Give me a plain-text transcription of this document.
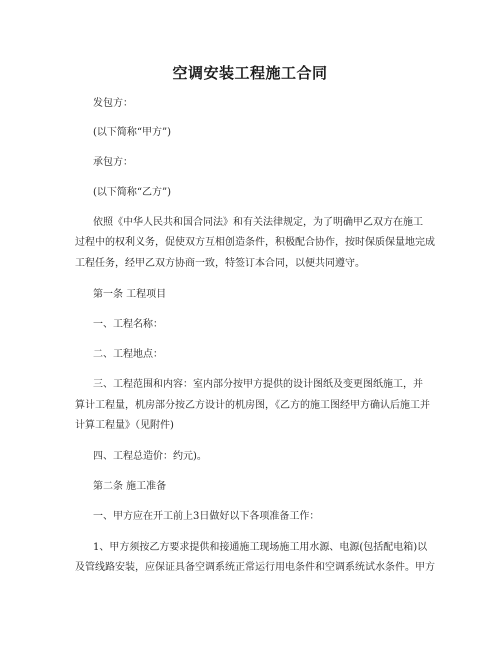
空调安装工程施工合同
发包方：
(以下简称“甲方”)
承包方：
(以下简称“乙方”)
依照《中华人民共和国合同法》和有关法律规定，为了明确甲乙双方在施工
过程中的权利义务，促使双方互相创造条件，积极配合协作，按时保质保量地完成
工程任务，经甲乙双方协商一致，特签订本合同，以便共同遵守。
第一条 工程项目
一、工程名称：
二、工程地点：
三、工程范围和内容：室内部分按甲方提供的设计图纸及变更图纸施工，并
算计工程量，机房部分按乙方设计的机房图，《乙方的施工图经甲方确认后施工并
计算工程量》（见附件)
四、工程总造价：约元)。
第二条 施工准备
一、甲方应在开工前上3日做好以下各项准备工作：
1、甲方须按乙方要求提供和接通施工现场施工用水源、电源(包括配电箱)以
及管线路安装，应保证具备空调系统正常运行用电条件和空调系统试水条件。甲方
